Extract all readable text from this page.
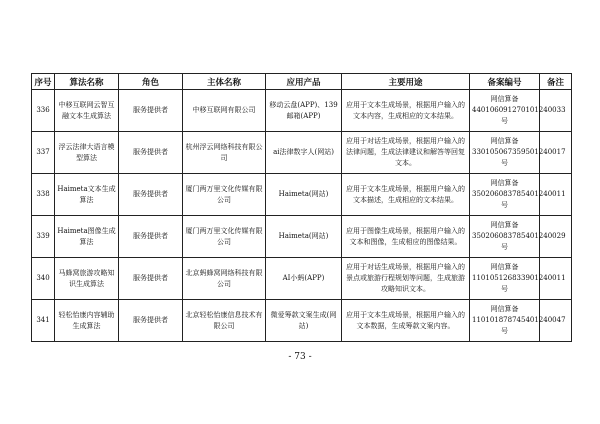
序号	算法名称	角色	主体名称	应用产品	主要用途	备案编号	备注
336	中移互联网云智互融文本生成算法	服务提供者	中移互联网有限公司	移动云盘(APP)、139邮箱(APP)	应用于文本生成场景，根据用户输入的文本内容，生成相应的文本结果。	网信算备440106091270101240033号	
337	浮云法律大语言模型算法	服务提供者	杭州浮云网络科技有限公司	ai法律数字人(网站)	应用于对话生成场景，根据用户输入的法律问题，生成法律建议和解答等回复文本。	网信算备330105067359501240017号	
338	Haimeta文本生成算法	服务提供者	厦门两万里文化传媒有限公司	Haimeta(网站)	应用于文本生成场景，根据用户输入的文本描述，生成相应的文本结果。	网信算备350206083785401240011号	
339	Haimeta图像生成算法	服务提供者	厦门两万里文化传媒有限公司	Haimeta(网站)	应用于图像生成场景，根据用户输入的文本和图像，生成相应的图像结果。	网信算备350206083785401240029号	
340	马蜂窝旅游攻略知识生成算法	服务提供者	北京蚂蜂窝网络科技有限公司	AI小蚂(APP)	应用于对话生成场景，根据用户输入的景点或旅游行程规划等问题，生成旅游攻略知识文本。	网信算备110105126833901240011号	
341	轻松怡康内容辅助生成算法	服务提供者	北京轻松怡康信息技术有限公司	微爱筹款文案生成(网站)	应用于文本生成场景，根据用户输入的文本数据，生成筹款文案内容。	网信算备110101878745401240047号	
- 73 -
